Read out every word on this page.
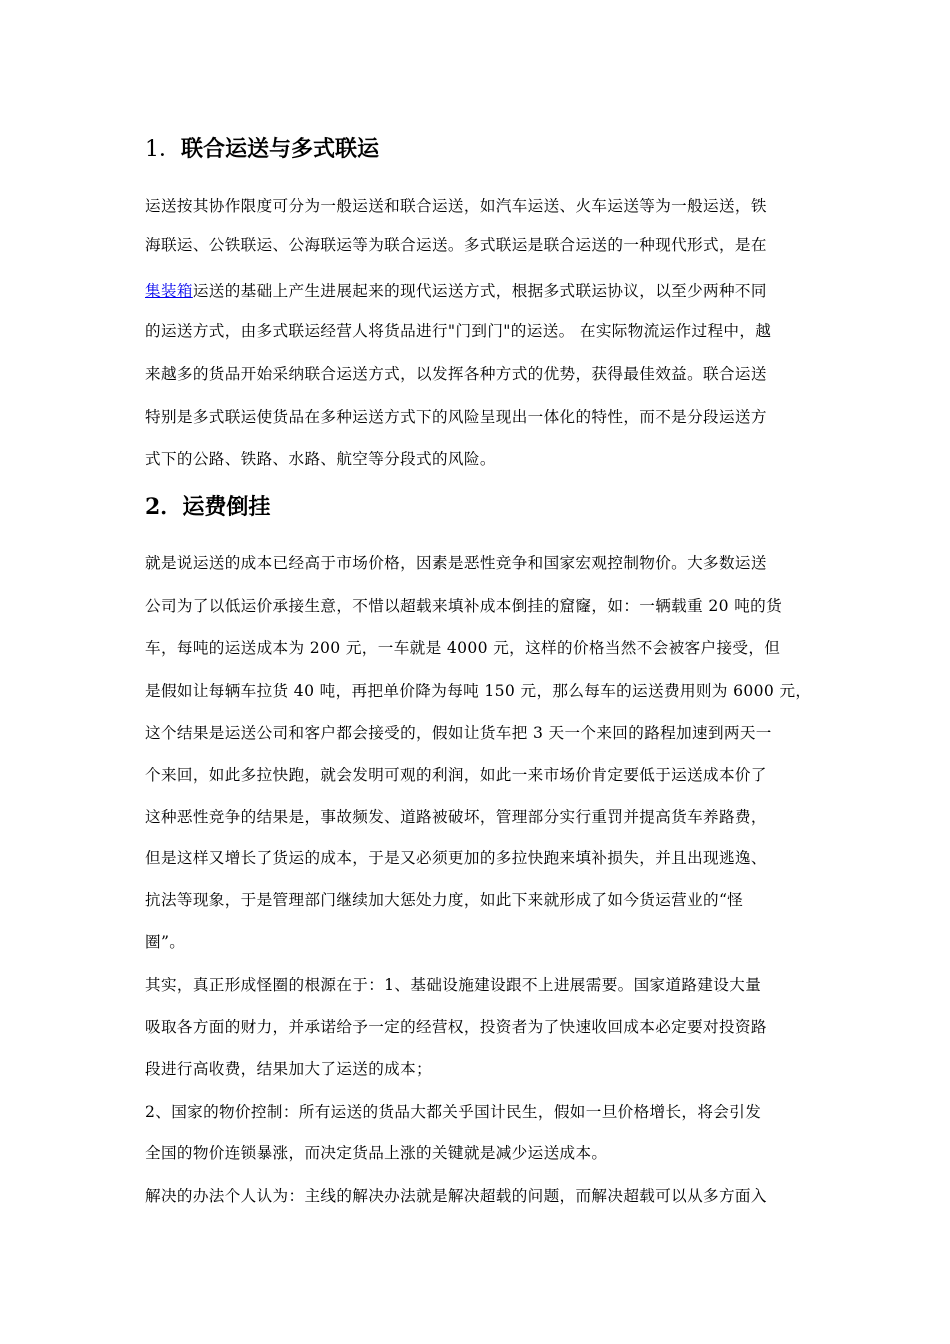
1．联合运送与多式联运
运送按其协作限度可分为一般运送和联合运送，如汽车运送、火车运送等为一般运送，铁
海联运、公铁联运、公海联运等为联合运送。多式联运是联合运送的一种现代形式，是在
集装箱运送的基础上产生进展起来的现代运送方式，根据多式联运协议，以至少两种不同
的运送方式，由多式联运经营人将货品进行"门到门"的运送。 在实际物流运作过程中，越
来越多的货品开始采纳联合运送方式，以发挥各种方式的优势，获得最佳效益。联合运送
特别是多式联运使货品在多种运送方式下的风险呈现出一体化的特性，而不是分段运送方
式下的公路、铁路、水路、航空等分段式的风险。
2．运费倒挂
就是说运送的成本已经高于市场价格，因素是恶性竞争和国家宏观控制物价。大多数运送
公司为了以低运价承接生意，不惜以超载来填补成本倒挂的窟窿，如：一辆载重 20 吨的货
车，每吨的运送成本为 200 元，一车就是 4000 元，这样的价格当然不会被客户接受，但
是假如让每辆车拉货 40 吨，再把单价降为每吨 150 元，那么每车的运送费用则为 6000 元，
这个结果是运送公司和客户都会接受的，假如让货车把 3 天一个来回的路程加速到两天一
个来回，如此多拉快跑，就会发明可观的利润，如此一来市场价肯定要低于运送成本价了
这种恶性竞争的结果是，事故频发、道路被破坏，管理部分实行重罚并提高货车养路费，
但是这样又增长了货运的成本，于是又必须更加的多拉快跑来填补损失，并且出现逃逸、
抗法等现象，于是管理部门继续加大惩处力度，如此下来就形成了如今货运营业的“怪
圈”。
其实，真正形成怪圈的根源在于：1、基础设施建设跟不上进展需要。国家道路建设大量
吸取各方面的财力，并承诺给予一定的经营权，投资者为了快速收回成本必定要对投资路
段进行高收费，结果加大了运送的成本；
2、国家的物价控制：所有运送的货品大都关乎国计民生，假如一旦价格增长，将会引发
全国的物价连锁暴涨，而决定货品上涨的关键就是减少运送成本。
解决的办法个人认为：主线的解决办法就是解决超载的问题，而解决超载可以从多方面入
